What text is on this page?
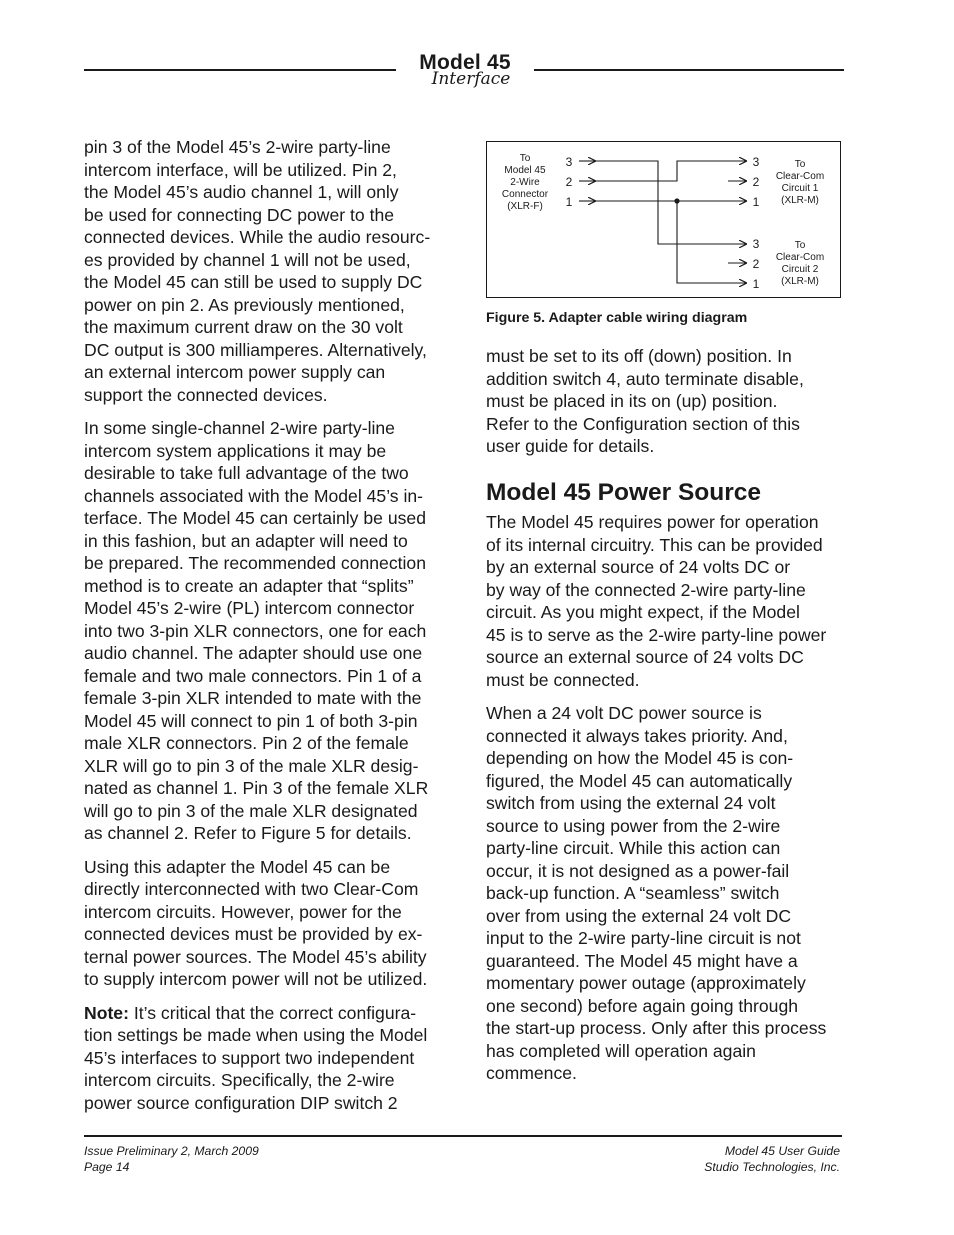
Model 45
Interface

pin 3 of the Model 45’s 2-wire party-line
intercom interface, will be utilized. Pin 2,
the Model 45’s audio channel 1, will only
be used for connecting DC power to the
connected devices. While the audio resourc-
es provided by channel 1 will not be used,
the Model 45 can still be used to supply DC
power on pin 2. As previously mentioned,
the maximum current draw on the 30 volt
DC output is 300 milliamperes. Alternatively,
an external intercom power supply can
support the connected devices.

In some single-channel 2-wire party-line
intercom system applications it may be
desirable to take full advantage of the two
channels associated with the Model 45’s in-
terface. The Model 45 can certainly be used
in this fashion, but an adapter will need to
be prepared. The recommended connection
method is to create an adapter that “splits”
Model 45’s 2-wire (PL) intercom connector
into two 3-pin XLR connectors, one for each
audio channel. The adapter should use one
female and two male connectors. Pin 1 of a
female 3-pin XLR intended to mate with the
Model 45 will connect to pin 1 of both 3-pin
male XLR connectors. Pin 2 of the female
XLR will go to pin 3 of the male XLR desig-
nated as channel 1. Pin 3 of the female XLR
will go to pin 3 of the male XLR designated
as channel 2. Refer to Figure 5 for details.

Using this adapter the Model 45 can be
directly interconnected with two Clear-Com
intercom circuits. However, power for the
connected devices must be provided by ex-
ternal power sources. The Model 45’s ability
to supply intercom power will not be utilized.

Note: It’s critical that the correct configura-
tion settings be made when using the Model
45’s interfaces to support two independent
intercom circuits. Specifically, the 2-wire
power source configuration DIP switch 2

To
Model 45
2-Wire
Connector
(XLR-F)
To
Clear-Com
Circuit 1
(XLR-M)
To
Clear-Com
Circuit 2
(XLR-M)
3
2
1
3
2
1
3
2
1
Figure 5. Adapter cable wiring diagram

must be set to its off (down) position. In
addition switch 4, auto terminate disable,
must be placed in its on (up) position.
Refer to the Configuration section of this
user guide for details.

Model 45 Power Source

The Model 45 requires power for operation
of its internal circuitry. This can be provided
by an external source of 24 volts DC or
by way of the connected 2-wire party-line
circuit. As you might expect, if the Model
45 is to serve as the 2-wire party-line power
source an external source of 24 volts DC
must be connected.

When a 24 volt DC power source is
connected it always takes priority. And,
depending on how the Model 45 is con-
figured, the Model 45 can automatically
switch from using the external 24 volt
source to using power from the 2-wire
party-line circuit. While this action can
occur, it is not designed as a power-fail
back-up function. A “seamless” switch
over from using the external 24 volt DC
input to the 2-wire party-line circuit is not
guaranteed. The Model 45 might have a
momentary power outage (approximately
one second) before again going through
the start-up process. Only after this process
has completed will operation again
commence.

Issue Preliminary 2, March 2009
Page 14
Model 45 User Guide
Studio Technologies, Inc.
